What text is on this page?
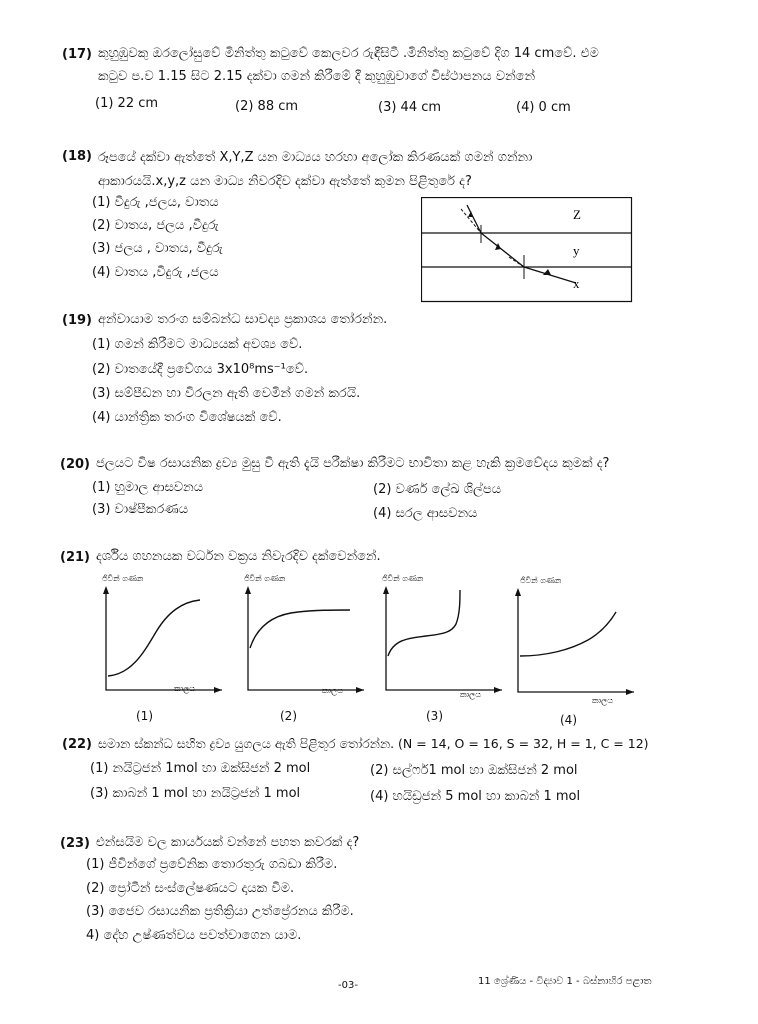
(17) කුහුඹුවකු ඔරලෝසුවේ මිනිත්තු කටුවේ කෙලවර රුඳීසිටී .මිනිත්තු කටුවේ දිග 14 cmවේ. එම
කටුව ප.ව 1.15 සිට 2.15 දක්වා ගමන් කිරීමේ දී කුහුඹුවාගේ විස්ථාපනය වන්නේ
(1) 22 cm	(2) 88 cm	(3) 44 cm	(4) 0 cm
(18) රූපයේ දක්වා ඇත්තේ X,Y,Z යන මාධ්‍යය හරහා අලෝක කිරණයක් ගමන් ගන්නා
ආකාරයයි.x,y,z යන මාධ්‍ය නිවරදිව දක්වා ඇත්තේ කුමන පිළිතුරේ ද?
(1) වීදුරු ,ජලය, වාතය
(2) වාතය, ජලය ,වීදුරු
(3) ජලය , වාතය, වීදුරු
(4) වාතය ,වීදුරු ,ජලය
Z
y
x
(19) අන්වායාම තරංග සම්බන්ධ සාවද්‍ය ප්‍රකාශය තෝරන්න.
(1) ගමන් කිරීමට මාධ්‍යයක් අවශ්‍ය වේ.
(2) වාතයේදී ප්‍රවේගය 3x10⁸ms⁻¹වේ.
(3) සම්පීඩන හා විරලන ඇති වෙමින් ගමන් කරයි.
(4) යාන්ත්‍රික තරංග විශේෂයක් වේ.
(20) ජලයට විෂ රසායනික ද්‍රව්‍ය මුසු වී ඇති දැයි පරීක්ෂා කිරීමට භාවිතා කළ හැකි ක්‍රමවේදය කුමක් ද?
(1) හුමාල ආසවනය	(2) වර්ණ ලේඛ ශිල්පය
(3) වාෂ්පීකරණය	(4) සරල ආසවනය
(21) දර්ශිය ගහනයක වර්ධන වක්‍රය නිවැරදිව දක්වෙන්නේ.
ජිවීන් ගණන
කාලය
(1)
ජිවීන් ගණන
කාලය
(2)
ජිවීන් ගණන
කාලය
(3)
ජිවීන් ගණන
කාලය
(4)
(22) සමාන ස්කන්ධ සහිත ද්‍රව්‍ය යුගලය ඇති පිළිතුර තෝරන්න. (N = 14, O = 16, S = 32, H = 1, C = 12)
(1) නයිට්‍රජන් 1mol හා ඔක්සිජන් 2 mol	(2) සල්ෆර්1 mol හා ඔක්සිජන් 2 mol
(3) කාබන් 1 mol හා නයිට්‍රජන් 1 mol	(4) හයිඩ්‍රජන් 5 mol හා කාබන් 1 mol
(23) එන්සයිම වල කාර්යයක් වන්නේ පහත කවරක් ද?
(1) ජීවින්ගේ ප්‍රවේනික තොරතුරු ගබඩා කිරීම.
(2) ප්‍රෝටීන් සංස්ලේෂණයට දායක වීම.
(3) ජෛව රසායනික ප්‍රතික්‍රියා උත්ප්‍රේරනය කිරීම.
4) දේහ උෂ්ණත්වය පවත්වාගෙන යාම.
-03-	11 ශ්‍රේණිය - විද්‍යාව 1 - බස්නාහිර පළාත
